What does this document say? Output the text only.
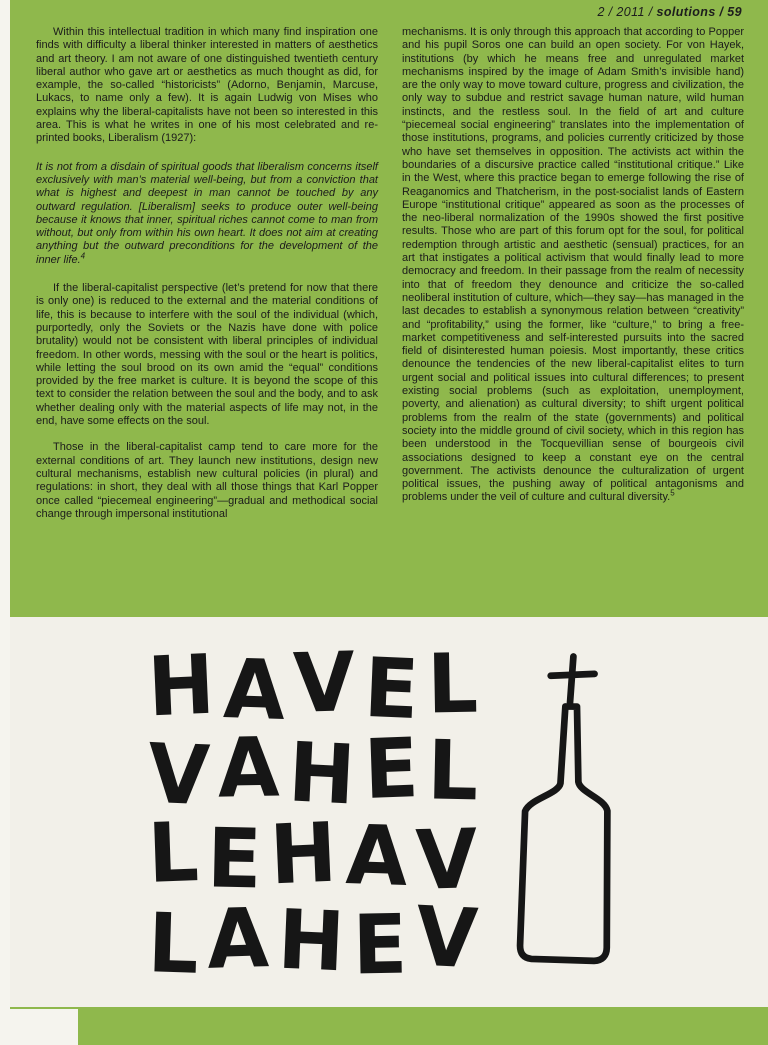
2 / 2011 / solutions / 59

Within this intellectual tradition in which many find inspiration one finds with difficulty a liberal thinker interested in matters of aesthetics and art theory. I am not aware of one distinguished twentieth century liberal author who gave art or aesthetics as much thought as did, for example, the so-called “historicists” (Adorno, Benjamin, Marcuse, Lukacs, to name only a few). It is again Ludwig von Mises who explains why the liberal-capitalists have not been so interested in this area. This is what he writes in one of his most celebrated and re-printed books, Liberalism (1927):

It is not from a disdain of spiritual goods that liberalism concerns itself exclusively with man’s material well-being, but from a conviction that what is highest and deepest in man cannot be touched by any outward regulation. [Liberalism] seeks to produce outer well-being because it knows that inner, spiritual riches cannot come to man from without, but only from within his own heart. It does not aim at creating anything but the outward preconditions for the development of the inner life.$^4$

If the liberal-capitalist perspective (let’s pretend for now that there is only one) is reduced to the external and the material conditions of life, this is because to interfere with the soul of the individual (which, purportedly, only the Soviets or the Nazis have done with police brutality) would not be consistent with liberal principles of individual freedom. In other words, messing with the soul or the heart is politics, while letting the soul brood on its own amid the “equal” conditions provided by the free market is culture. It is beyond the scope of this text to consider the relation between the soul and the body, and to ask whether dealing only with the material aspects of life may not, in the end, have some effects on the soul.

Those in the liberal-capitalist camp tend to care more for the external conditions of art. They launch new institutions, design new cultural mechanisms, establish new cultural policies (in plural) and regulations: in short, they deal with all those things that Karl Popper once called “piecemeal engineering”—gradual and methodical social change through impersonal institutional

mechanisms. It is only through this approach that according to Popper and his pupil Soros one can build an open society. For von Hayek, institutions (by which he means free and unregulated market mechanisms inspired by the image of Adam Smith’s invisible hand) are the only way to move toward culture, progress and civilization, the only way to subdue and restrict savage human nature, wild human instincts, and the restless soul. In the field of art and culture “piecemeal social engineering” translates into the implementation of those institutions, programs, and policies currently criticized by those who have set themselves in opposition. The activists act within the boundaries of a discursive practice called “institutional critique.” Like in the West, where this practice began to emerge following the rise of Reaganomics and Thatcherism, in the post-socialist lands of Eastern Europe “institutional critique” appeared as soon as the processes of the neo-liberal normalization of the 1990s showed the first positive results. Those who are part of this forum opt for the soul, for political redemption through artistic and aesthetic (sensual) practices, for an art that instigates a political activism that would finally lead to more democracy and freedom. In their passage from the realm of necessity into that of freedom they denounce and criticize the so-called neoliberal institution of culture, which—they say—has managed in the last decades to establish a synonymous relation between “creativity” and “profitability,” using the former, like “culture,” to bring a free-market competitiveness and self-interested pursuits into the sacred field of disinterested human poiesis. Most importantly, these critics denounce the tendencies of the new liberal-capitalist elites to turn urgent social and political issues into cultural differences; to present existing social problems (such as exploitation, unemployment, poverty, and alienation) as cultural diversity; to shift urgent political problems from the realm of the state (governments) and political society into the middle ground of civil society, which in this region has been understood in the Tocquevillian sense of bourgeois civil associations designed to keep a constant eye on the central government. The activists denounce the culturalization of urgent political issues, the pushing away of political antagonisms and problems under the veil of culture and cultural diversity.$^5$

HAVEL
VAHEL
LEHAV
LAHEV
